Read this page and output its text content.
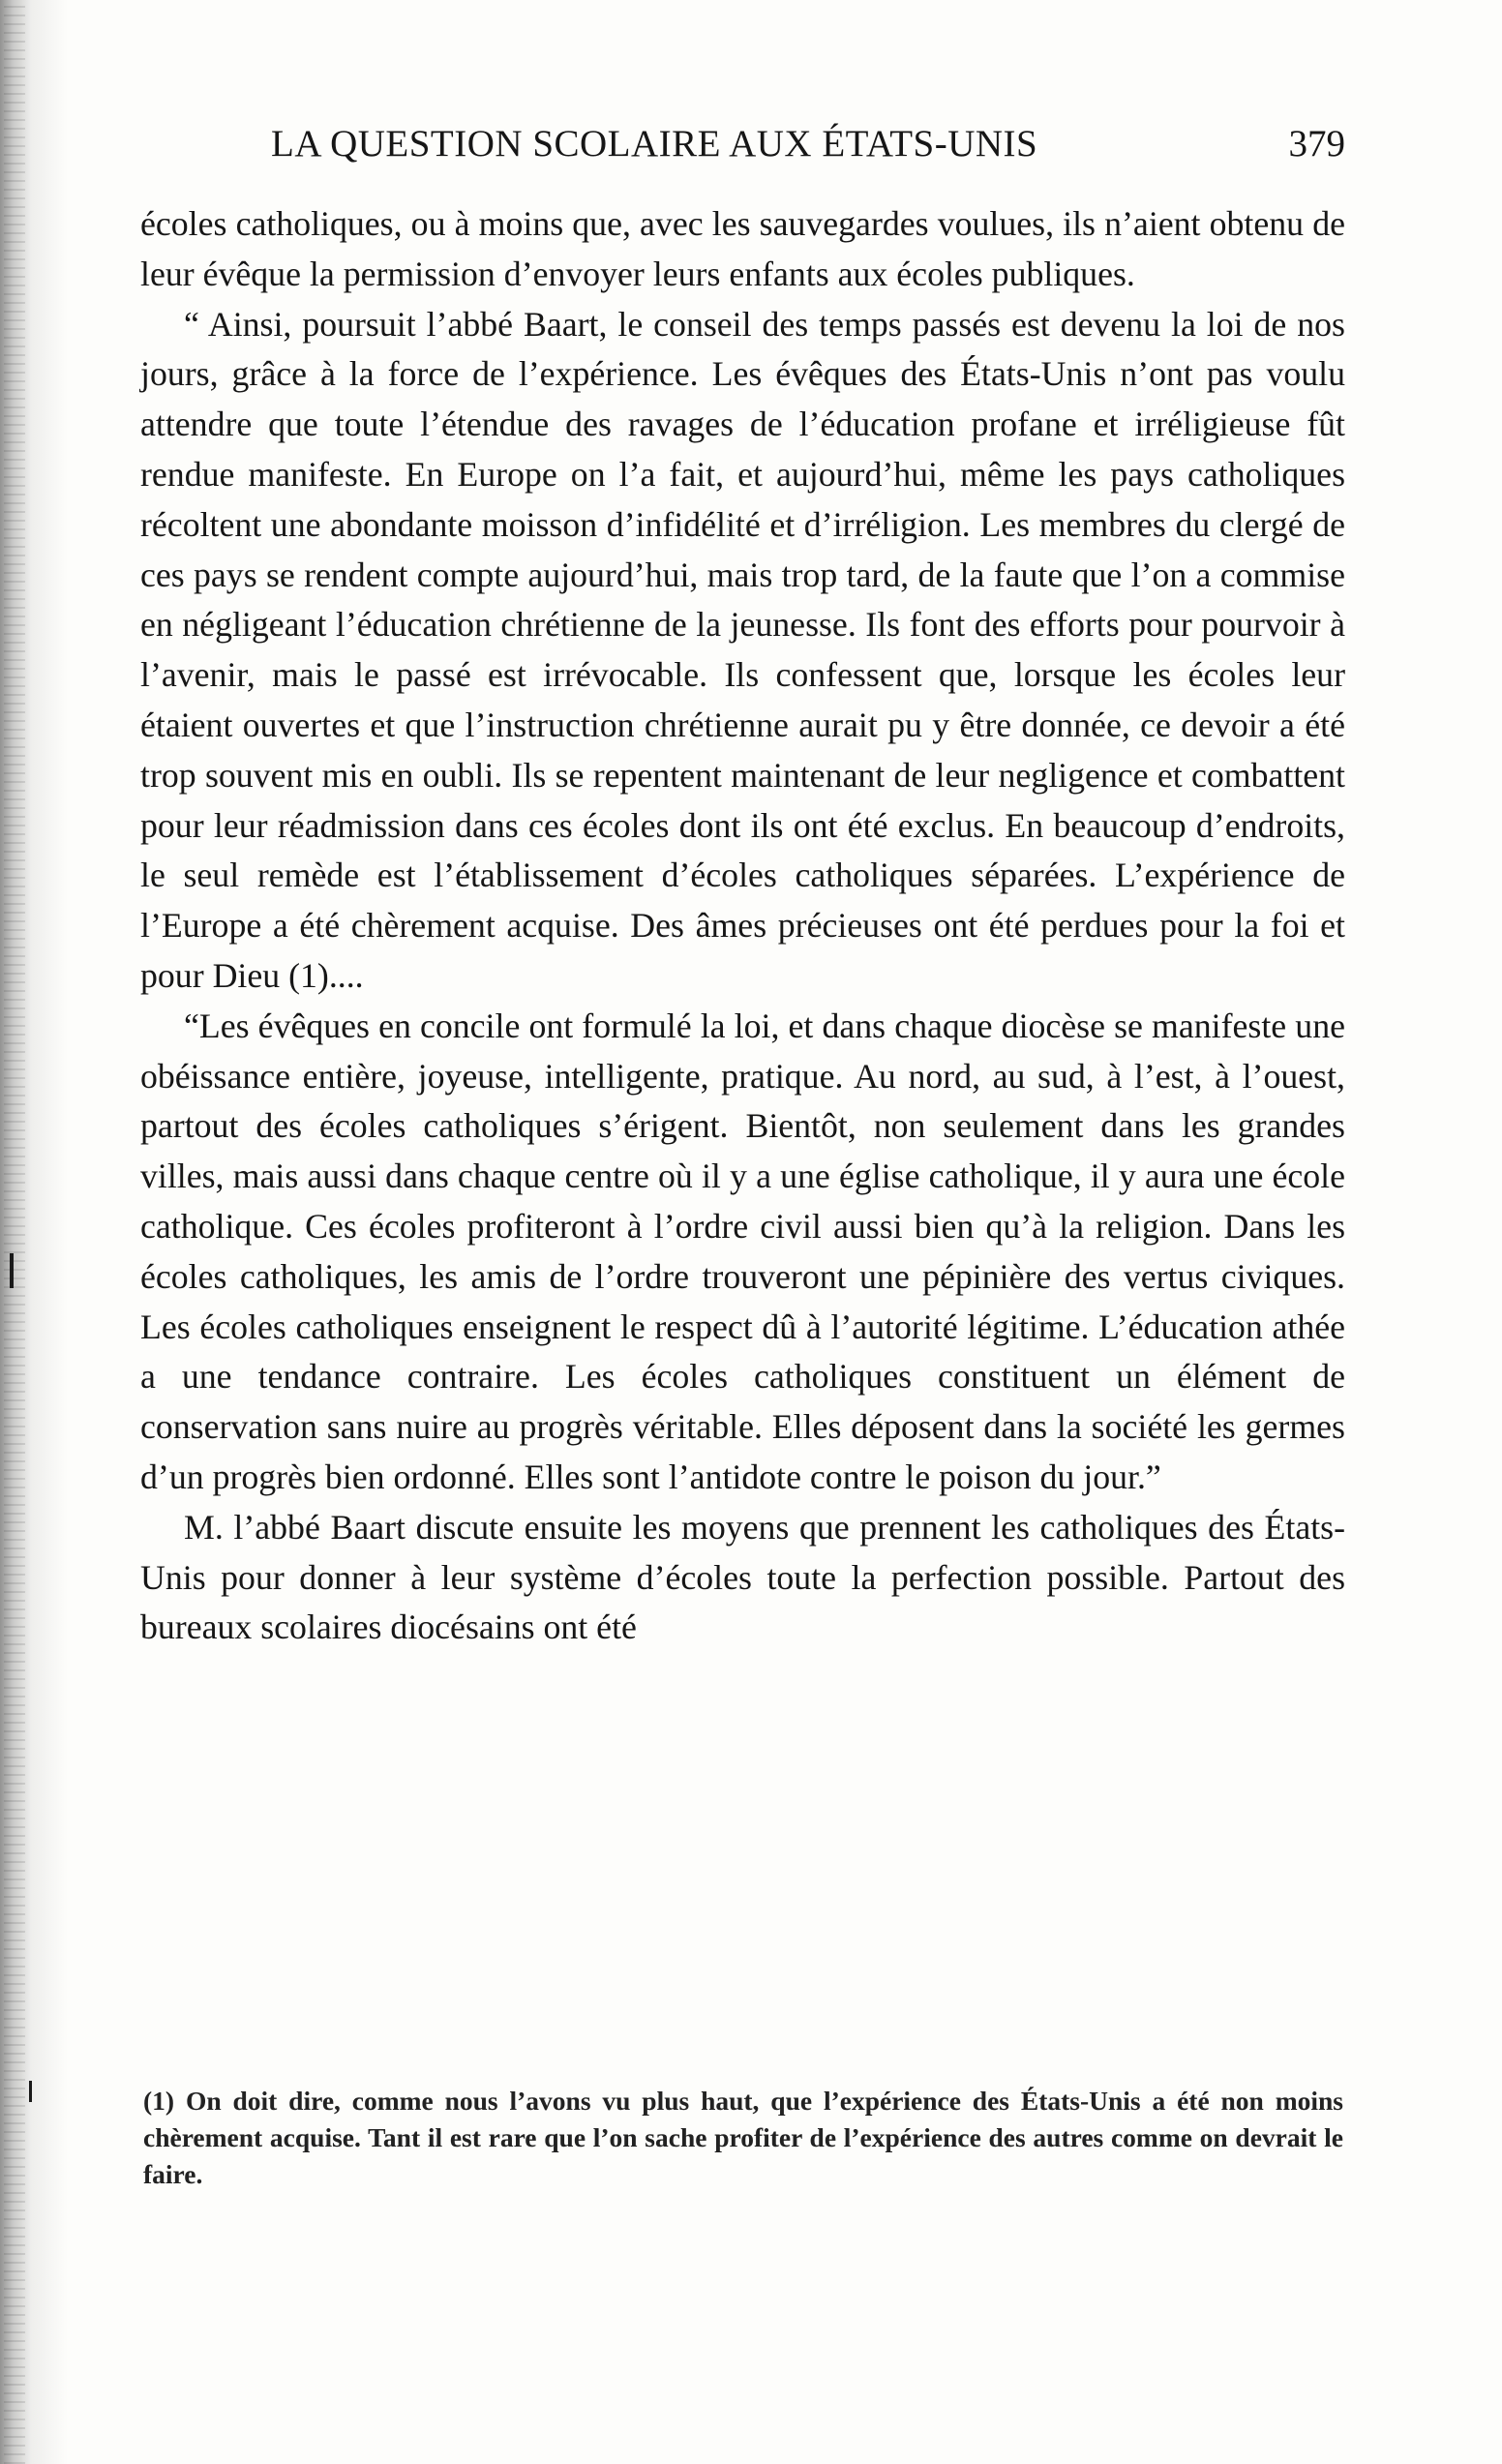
LA QUESTION SCOLAIRE AUX ÉTATS-UNIS	379

écoles catholiques, ou à moins que, avec les sauvegardes voulues, ils n’aient obtenu de leur évêque la permission d’envoyer leurs enfants aux écoles publiques.

“ Ainsi, poursuit l’abbé Baart, le conseil des temps passés est devenu la loi de nos jours, grâce à la force de l’expérience. Les évêques des États-Unis n’ont pas voulu attendre que toute l’étendue des ravages de l’éducation profane et irréligieuse fût rendue manifeste. En Europe on l’a fait, et aujourd’hui, même les pays catholiques récoltent une abondante moisson d’infidélité et d’irréligion. Les membres du clergé de ces pays se rendent compte aujourd’hui, mais trop tard, de la faute que l’on a commise en négligeant l’éducation chrétienne de la jeunesse. Ils font des efforts pour pourvoir à l’avenir, mais le passé est irrévocable. Ils confessent que, lorsque les écoles leur étaient ouvertes et que l’instruction chrétienne aurait pu y être donnée, ce devoir a été trop souvent mis en oubli. Ils se repentent maintenant de leur negligence et combattent pour leur réadmission dans ces écoles dont ils ont été exclus. En beaucoup d’endroits, le seul remède est l’établissement d’écoles catholiques séparées. L’expérience de l’Europe a été chèrement acquise. Des âmes précieuses ont été perdues pour la foi et pour Dieu (1)....

“Les évêques en concile ont formulé la loi, et dans chaque diocèse se manifeste une obéissance entière, joyeuse, intelligente, pratique. Au nord, au sud, à l’est, à l’ouest, partout des écoles catholiques s’érigent. Bientôt, non seulement dans les grandes villes, mais aussi dans chaque centre où il y a une église catholique, il y aura une école catholique. Ces écoles profiteront à l’ordre civil aussi bien qu’à la religion. Dans les écoles catholiques, les amis de l’ordre trouveront une pépinière des vertus civiques. Les écoles catholiques enseignent le respect dû à l’autorité légitime. L’éducation athée a une tendance contraire. Les écoles catholiques constituent un élément de conservation sans nuire au progrès véritable. Elles déposent dans la société les germes d’un progrès bien ordonné. Elles sont l’antidote contre le poison du jour.”

M. l’abbé Baart discute ensuite les moyens que prennent les catholiques des États-Unis pour donner à leur système d’écoles toute la perfection possible. Partout des bureaux scolaires diocésains ont été

(1) On doit dire, comme nous l’avons vu plus haut, que l’expérience des États-Unis a été non moins chèrement acquise. Tant il est rare que l’on sache profiter de l’expérience des autres comme on devrait le faire.
